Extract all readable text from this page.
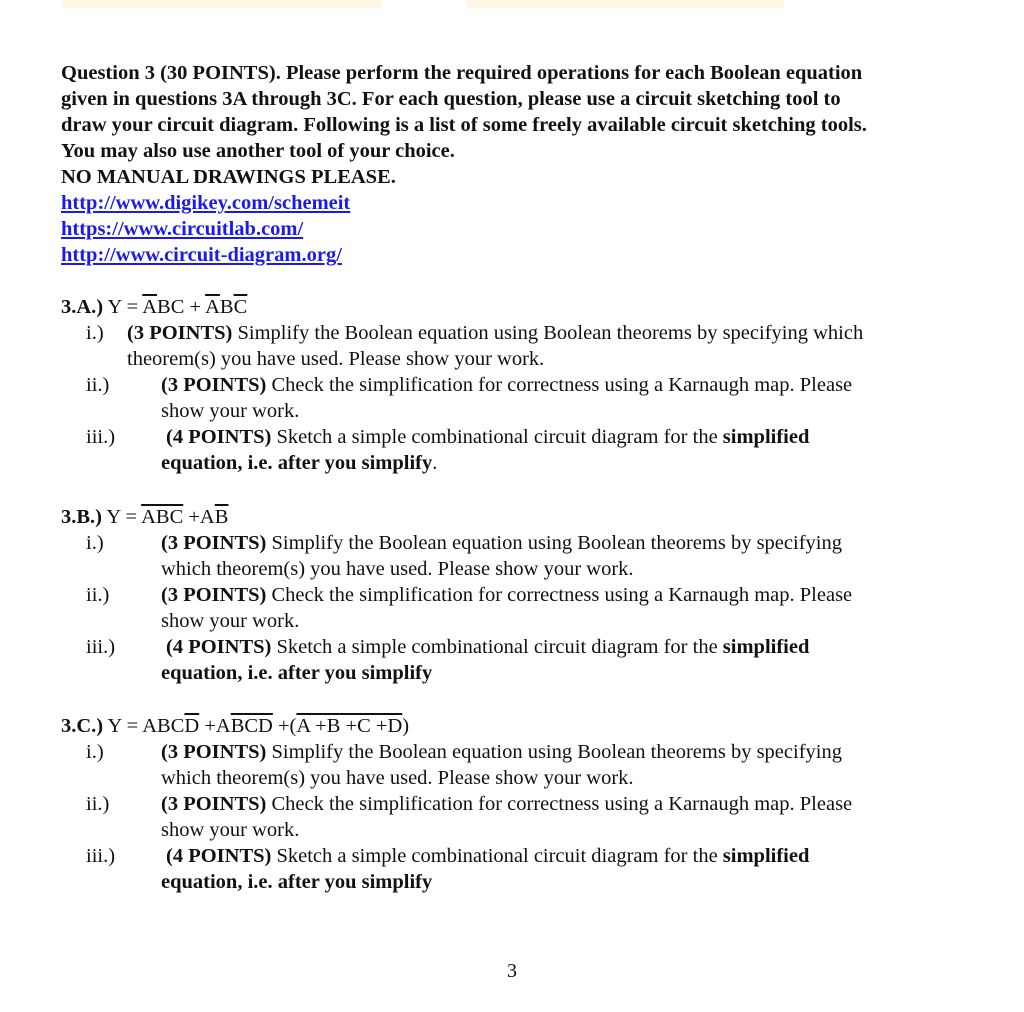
Question 3 (30 POINTS). Please perform the required operations for each Boolean equation

given in questions 3A through 3C. For each question, please use a circuit sketching tool to

draw your circuit diagram. Following is a list of some freely available circuit sketching tools.

You may also use another tool of your choice.

NO MANUAL DRAWINGS PLEASE.

http://www.digikey.com/schemeit
https://www.circuitlab.com/
http://www.circuit-diagram.org/

3.A.) $Y = \overline{A}BC + \overline{A}B\overline{C}$

i.)	(3 POINTS) Simplify the Boolean equation using Boolean theorems by specifying which
theorem(s) you have used. Please show your work.
ii.)	(3 POINTS) Check the simplification for correctness using a Karnaugh map. Please
show your work.
iii.)	(4 POINTS) Sketch a simple combinational circuit diagram for the simplified
equation, i.e. after you simplify.

3.B.) $Y = \overline{ABC} +A\overline{B}$

i.)	(3 POINTS) Simplify the Boolean equation using Boolean theorems by specifying
which theorem(s) you have used. Please show your work.
ii.)	(3 POINTS) Check the simplification for correctness using a Karnaugh map. Please
show your work.
iii.)	(4 POINTS) Sketch a simple combinational circuit diagram for the simplified
equation, i.e. after you simplify

3.C.) $Y = ABC\overline{D} +A\overline{BCD} +(A +B +C +D)$

i.)	(3 POINTS) Simplify the Boolean equation using Boolean theorems by specifying
which theorem(s) you have used. Please show your work.
ii.)	(3 POINTS) Check the simplification for correctness using a Karnaugh map. Please
show your work.
iii.)	(4 POINTS) Sketch a simple combinational circuit diagram for the simplified
equation, i.e. after you simplify
3
